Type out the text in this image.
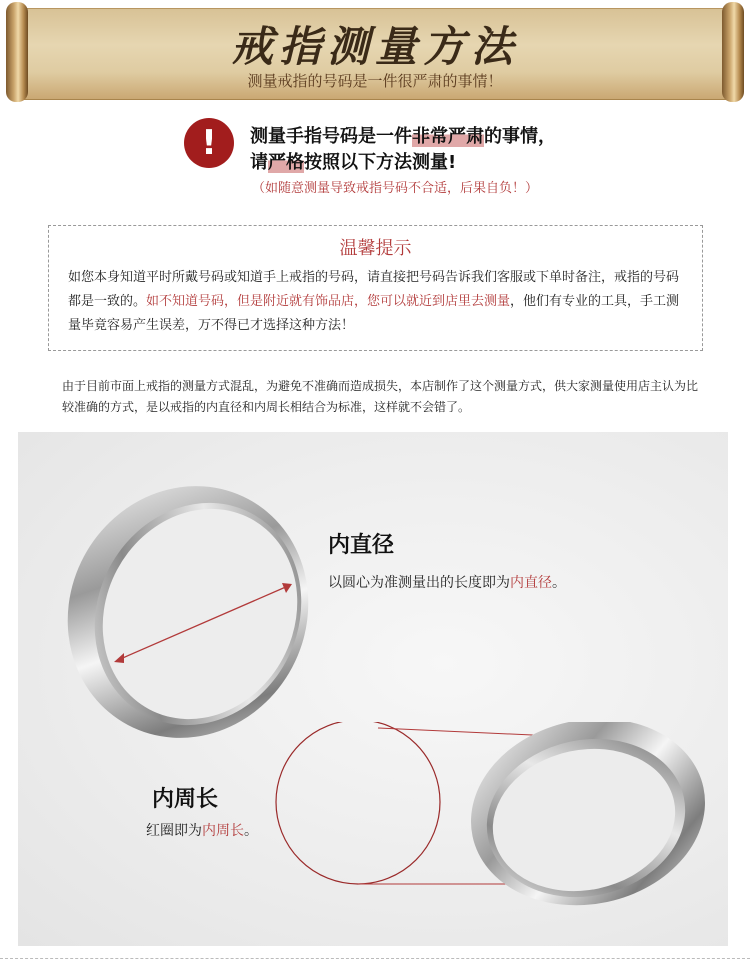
戒指测量方法
测量戒指的号码是一件很严肃的事情！
!	测量手指号码是一件非常严肃的事情，
请严格按照以下方法测量!
（如随意测量导致戒指号码不合适，后果自负！）
温馨提示
如您本身知道平时所戴号码或知道手上戒指的号码，请直接把号码告诉我们客服或下单时备注，戒指的号码都是一致的。如不知道号码，但是附近就有饰品店，您可以就近到店里去测量，他们有专业的工具，手工测量毕竟容易产生误差，万不得已才选择这种方法！
由于目前市面上戒指的测量方式混乱，为避免不准确而造成损失，本店制作了这个测量方式，供大家测量使用店主认为比较准确的方式，是以戒指的内直径和内周长相结合为标准，这样就不会错了。
内直径
以圆心为准测量出的长度即为内直径。
内周长
红圈即为内周长。
